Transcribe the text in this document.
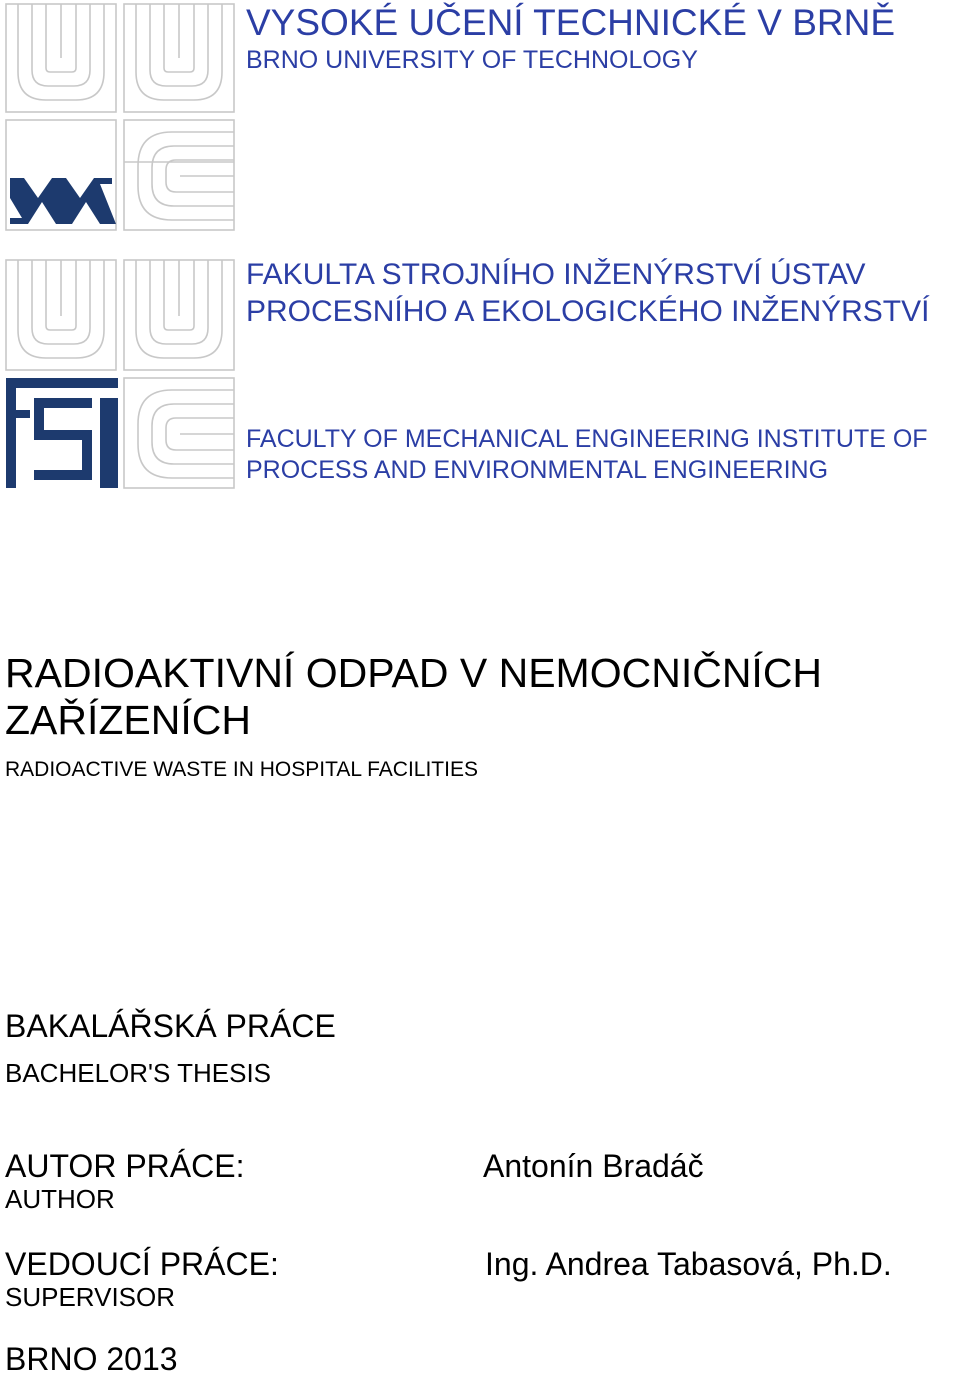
VYSOKÉ UČENÍ TECHNICKÉ V BRNĚ
BRNO UNIVERSITY OF TECHNOLOGY
FAKULTA STROJNÍHO INŽENÝRSTVÍ ÚSTAV PROCESNÍHO A EKOLOGICKÉHO INŽENÝRSTVÍ
FACULTY OF MECHANICAL ENGINEERING INSTITUTE OF PROCESS AND ENVIRONMENTAL ENGINEERING
RADIOAKTIVNÍ ODPAD V NEMOCNIČNÍCH ZAŘÍZENÍCH
RADIOACTIVE WASTE IN HOSPITAL FACILITIES
BAKALÁŘSKÁ PRÁCE
BACHELOR'S THESIS
AUTOR PRÁCE:
AUTHOR
Antonín Bradáč
VEDOUCÍ PRÁCE:
SUPERVISOR
Ing. Andrea Tabasová, Ph.D.
BRNO 2013
